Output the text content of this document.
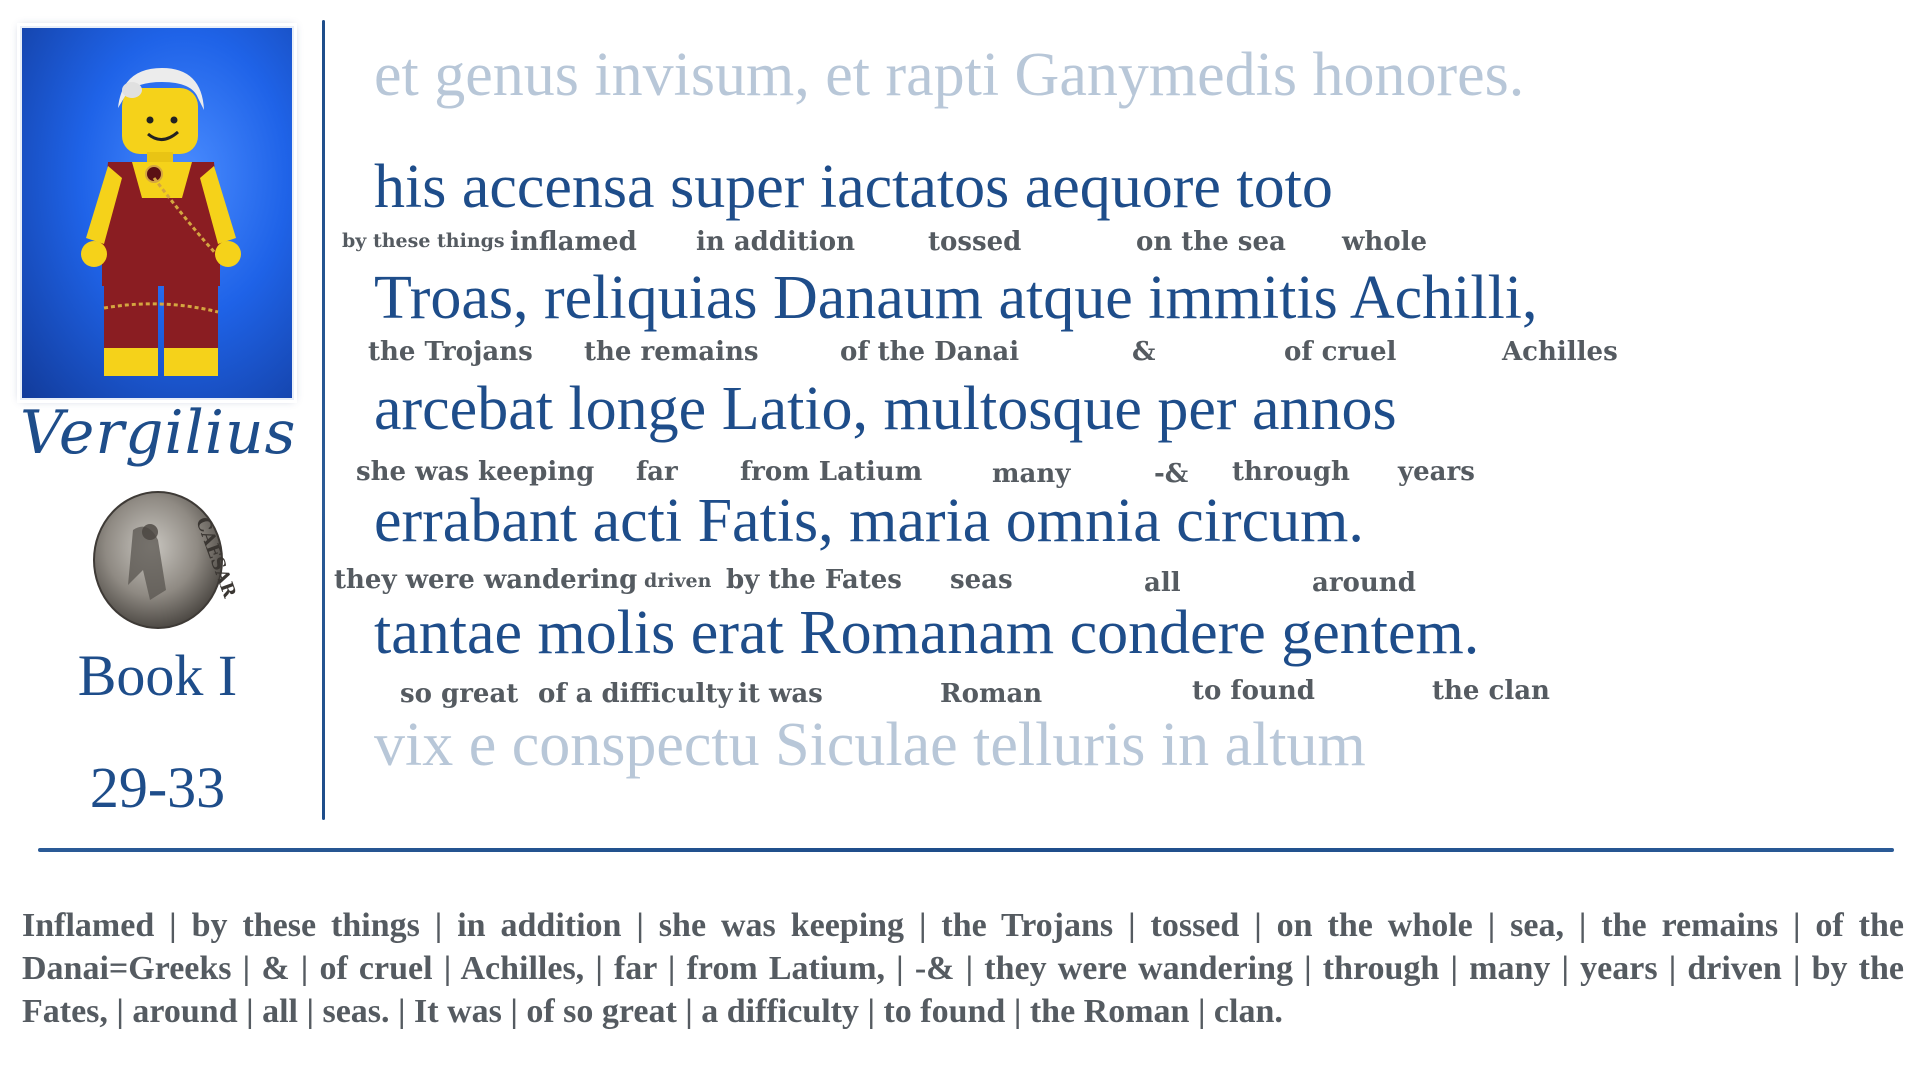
Vergilius
CAESAR
Book I
29-33
et genus invisum, et rapti Ganymedis honores.
his accensa super iactatos aequore toto
by these things inflamed in addition	tossed	on the sea whole
Troas, reliquias Danaum atque immitis Achilli,
the Trojans the remains	of the Danai	&	of cruel	Achilles
arcebat longe Latio, multosque per annos
she was keeping far from Latium	many	-& through years
errabant acti Fatis, maria omnia circum.
they were wandering driven by the Fates seas	all	around
tantae molis erat Romanam condere gentem.
so great of a difficulty it was	Roman	to found	the clan
vix e conspectu Siculae telluris in altum
Inflamed | by these things | in addition | she was keeping | the Trojans | tossed | on the whole | sea, | the remains | of the Danai=Greeks | & | of cruel | Achilles, | far | from Latium, | -& | they were wandering | through | many | years | driven | by the Fates, | around | all | seas. | It was | of so great | a difficulty | to found | the Roman | clan.
